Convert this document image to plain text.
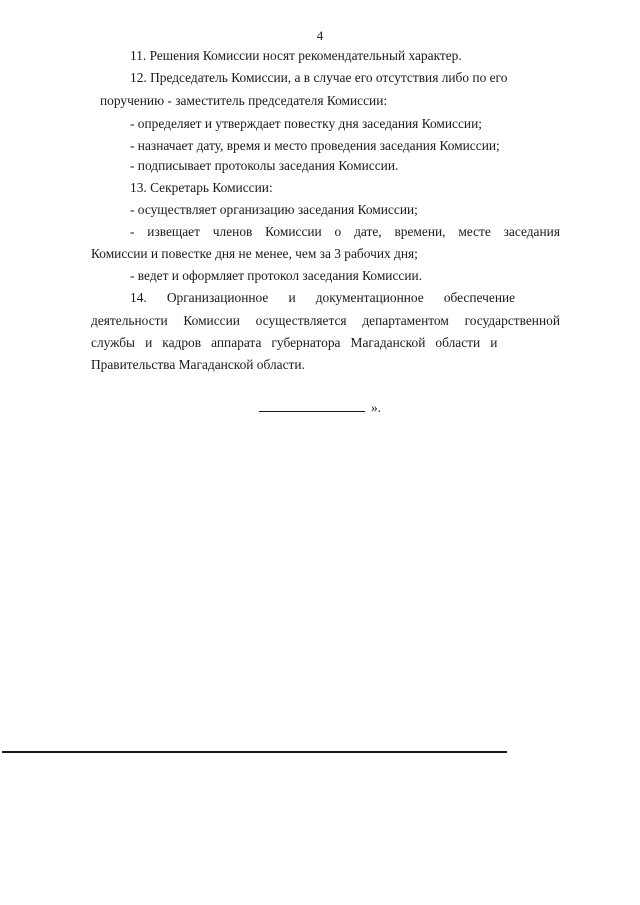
4
11. Решения Комиссии носят рекомендательный характер.
12. Председатель Комиссии, а в случае его отсутствия либо по его
поручению - заместитель председателя Комиссии:
- определяет и утверждает повестку дня заседания Комиссии;
- назначает дату, время и место проведения заседания Комиссии;
- подписывает протоколы заседания Комиссии.
13. Секретарь Комиссии:
- осуществляет организацию заседания Комиссии;
- извещает членов Комиссии о дате, времени, месте заседания
Комиссии и повестке дня не менее, чем за 3 рабочих дня;
- ведет и оформляет протокол заседания Комиссии.
14.      Организационное      и      документационное      обеспечение
деятельности Комиссии осуществляется департаментом государственной
службы   и   кадров   аппарата   губернатора   Магаданской   области   и
Правительства Магаданской области.
».
